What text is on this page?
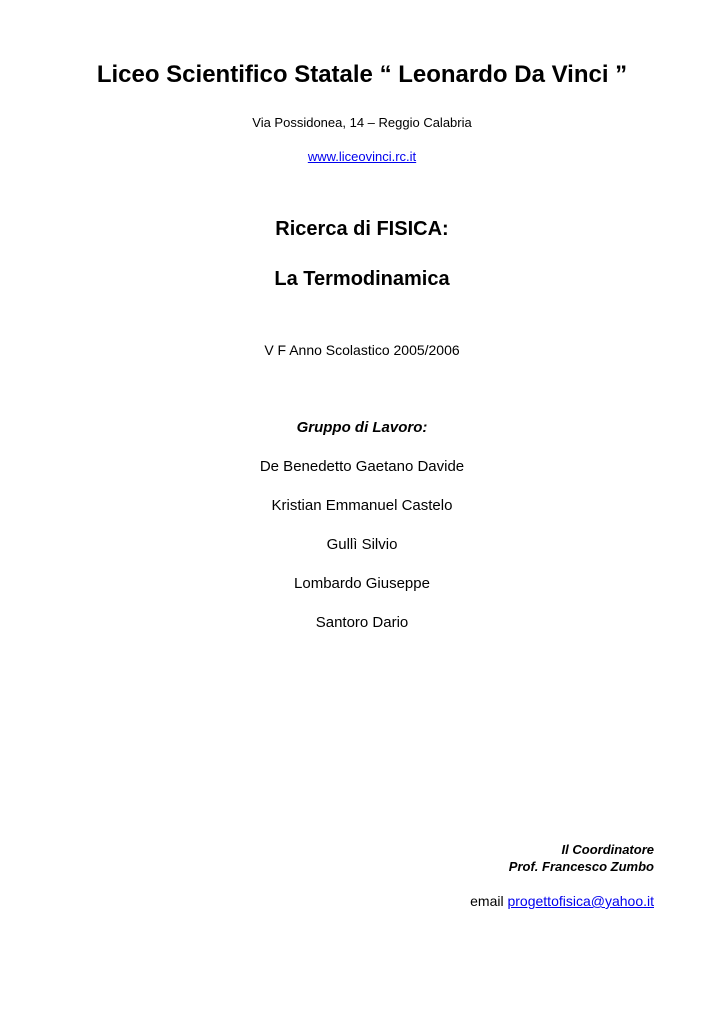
Liceo Scientifico Statale “ Leonardo Da Vinci ”
Via Possidonea, 14 – Reggio Calabria
www.liceovinci.rc.it
Ricerca di FISICA:
La Termodinamica
V F Anno Scolastico 2005/2006
Gruppo di Lavoro:
De Benedetto Gaetano Davide
Kristian Emmanuel Castelo
Gullì Silvio
Lombardo Giuseppe
Santoro Dario
Il Coordinatore
Prof. Francesco Zumbo
email progettofisica@yahoo.it
